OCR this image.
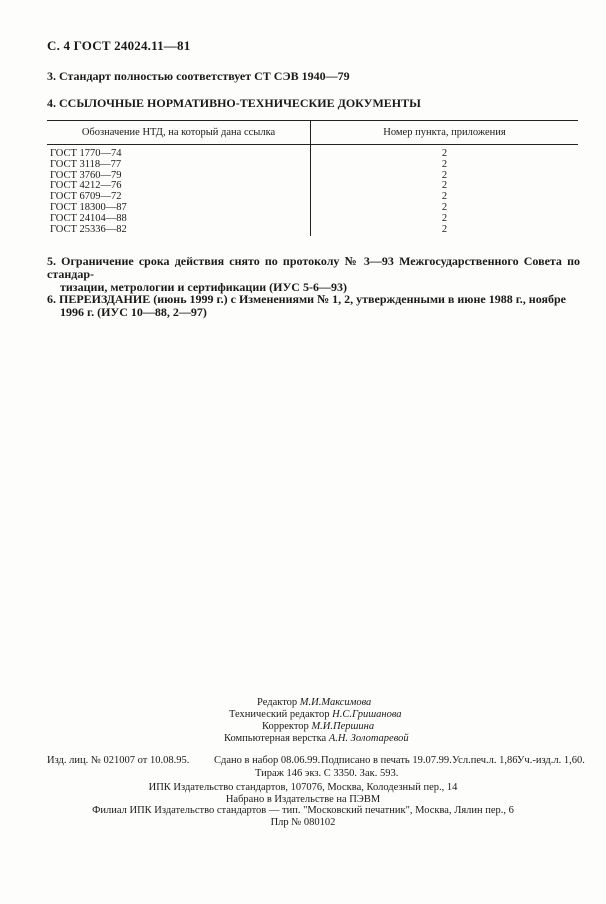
С. 4 ГОСТ 24024.11—81
3. Стандарт полностью соответствует СТ СЭВ 1940—79
4. ССЫЛОЧНЫЕ НОРМАТИВНО-ТЕХНИЧЕСКИЕ ДОКУМЕНТЫ
Обозначение НТД, на который дана ссылка	Номер пункта, приложения
ГОСТ 1770—74	2
ГОСТ 3118—77	2
ГОСТ 3760—79	2
ГОСТ 4212—76	2
ГОСТ 6709—72	2
ГОСТ 18300—87	2
ГОСТ 24104—88	2
ГОСТ 25336—82	2
5. Ограничение срока действия снято по протоколу № 3—93 Межгосударственного Совета по стандар-
тизации, метрологии и сертификации (ИУС 5-6—93)
6. ПЕРЕИЗДАНИЕ (июнь 1999 г.) с Изменениями № 1, 2, утвержденными в июне 1988 г., ноябре
1996 г. (ИУС 10—88, 2—97)
Редактор М.И.Максимова
Технический редактор Н.С.Гришанова
Корректор М.И.Першина
Компьютерная верстка А.Н. Золотаревой
Изд. лиц. № 021007 от 10.08.95. Сдано в набор 08.06.99. Подписано в печать 19.07.99. Усл.печ.л. 1,86.
Уч.-изд.л. 1,60.
Тираж 146 экз. С 3350. Зак. 593.
ИПК Издательство стандартов, 107076, Москва, Колодезный пер., 14
Набрано в Издательстве на ПЭВМ
Филиал ИПК Издательство стандартов — тип. "Московский печатник", Москва, Лялин пер., 6
Плр № 080102
